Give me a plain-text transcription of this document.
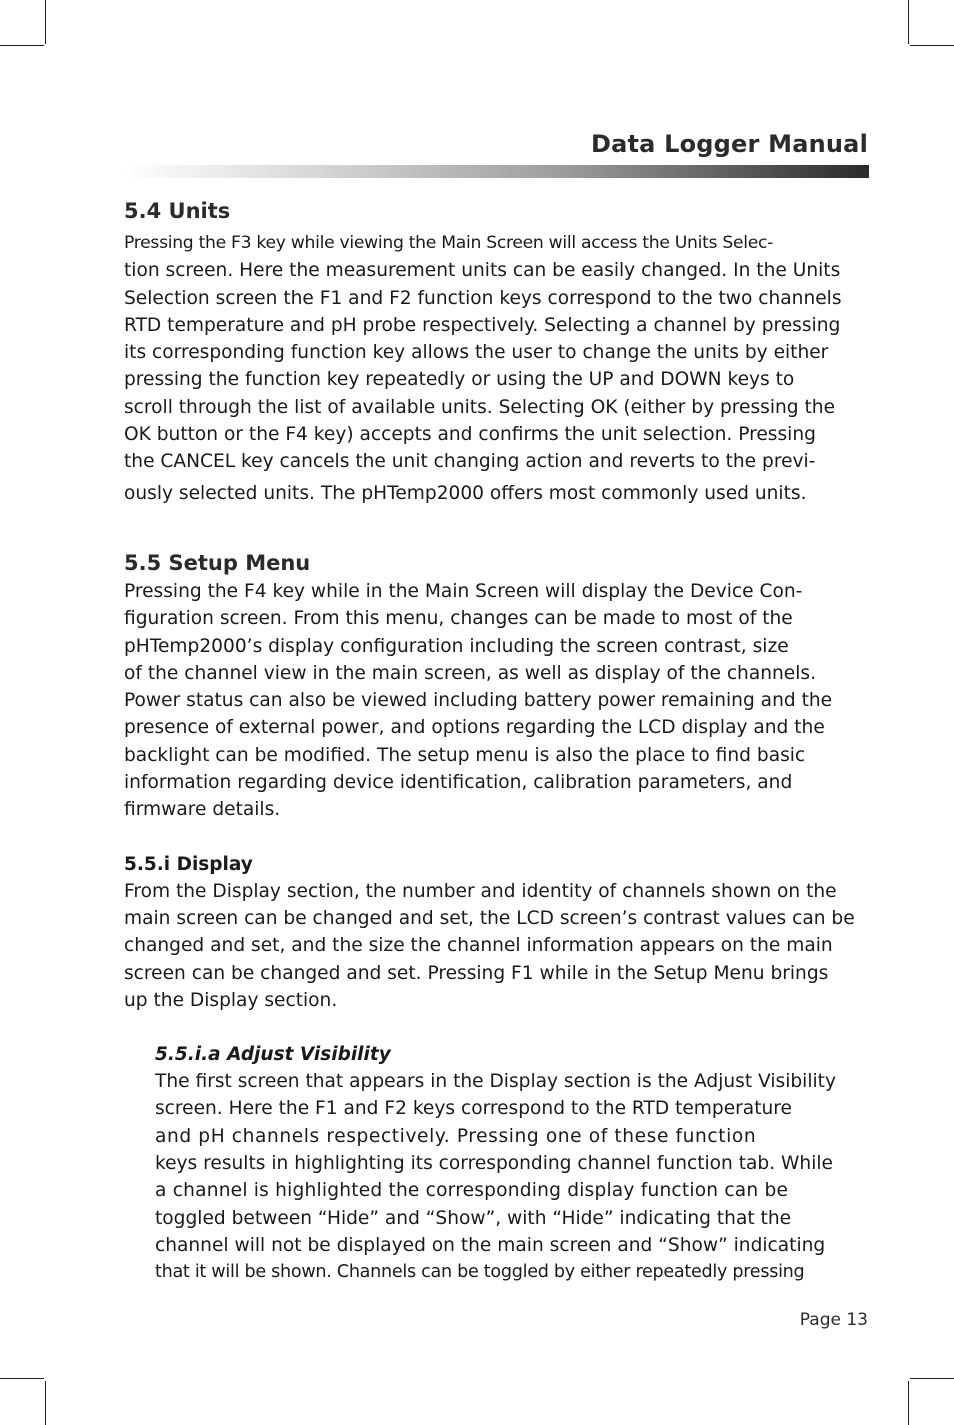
Data Logger Manual
5.4 Units

Pressing the F3 key while viewing the Main Screen will access the Units Selec-
tion screen. Here the measurement units can be easily changed. In the Units
Selection screen the F1 and F2 function keys correspond to the two channels
RTD temperature and pH probe respectively. Selecting a channel by pressing
its corresponding function key allows the user to change the units by either
pressing the function key repeatedly or using the UP and DOWN keys to
scroll through the list of available units. Selecting OK (either by pressing the
OK button or the F4 key) accepts and confirms the unit selection. Pressing
the CANCEL key cancels the unit changing action and reverts to the previ-
ously selected units. The pHTemp2000 offers most commonly used units.

5.5 Setup Menu

Pressing the F4 key while in the Main Screen will display the Device Con-
figuration screen. From this menu, changes can be made to most of the
pHTemp2000’s display configuration including the screen contrast, size
of the channel view in the main screen, as well as display of the channels.
Power status can also be viewed including battery power remaining and the
presence of external power, and options regarding the LCD display and the
backlight can be modified. The setup menu is also the place to find basic
information regarding device identification, calibration parameters, and
firmware details.

5.5.i Display

From the Display section, the number and identity of channels shown on the
main screen can be changed and set, the LCD screen’s contrast values can be
changed and set, and the size the channel information appears on the main
screen can be changed and set. Pressing F1 while in the Setup Menu brings
up the Display section.

5.5.i.a Adjust Visibility

The first screen that appears in the Display section is the Adjust Visibility
screen. Here the F1 and F2 keys correspond to the RTD temperature
and pH channels respectively. Pressing one of these function
keys results in highlighting its corresponding channel function tab. While
a channel is highlighted the corresponding display function can be
toggled between “Hide” and “Show”, with “Hide” indicating that the
channel will not be displayed on the main screen and “Show” indicating
that it will be shown. Channels can be toggled by either repeatedly pressing

Page 13
